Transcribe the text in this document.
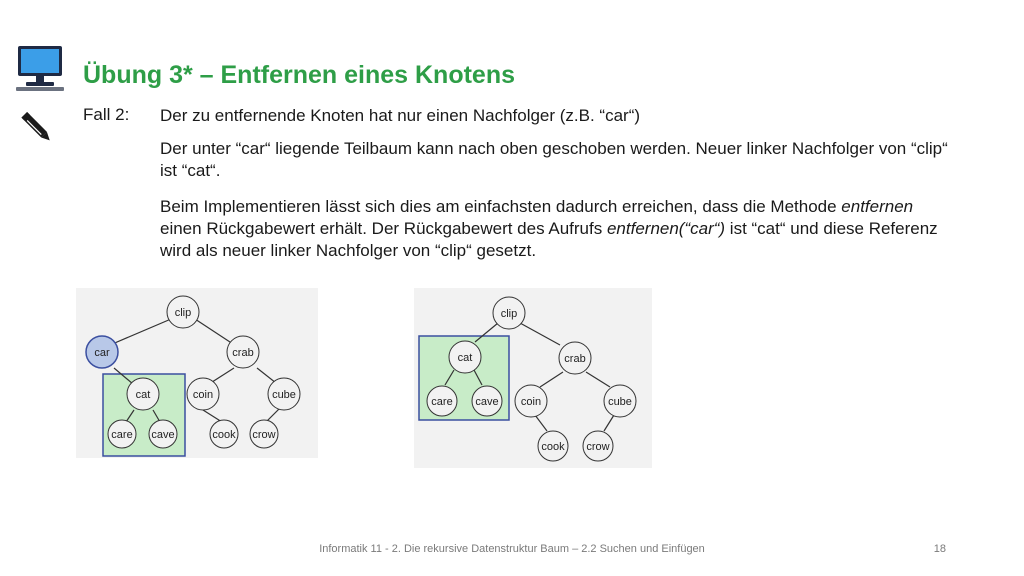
Übung 3* – Entfernen eines Knotens
Fall 2: Der zu entfernende Knoten hat nur einen Nachfolger (z.B. “car“)
Der unter “car“ liegende Teilbaum kann nach oben geschoben werden. Neuer linker Nachfolger von “clip“ ist “cat“.
Beim Implementieren lässt sich dies am einfachsten dadurch erreichen, dass die Methode entfernen einen Rückgabewert erhält. Der Rückgabewert des Aufrufs entfernen(“car“) ist “cat“ und diese Referenz wird als neuer linker Nachfolger von “clip“ gesetzt.
clip
car	crab
cat
care cave
coin	cube
cook crow
clip
cat	crab
care cave coin	cube
cook crow
Informatik 11 - 2. Die rekursive Datenstruktur Baum – 2.2 Suchen und Einfügen	18
